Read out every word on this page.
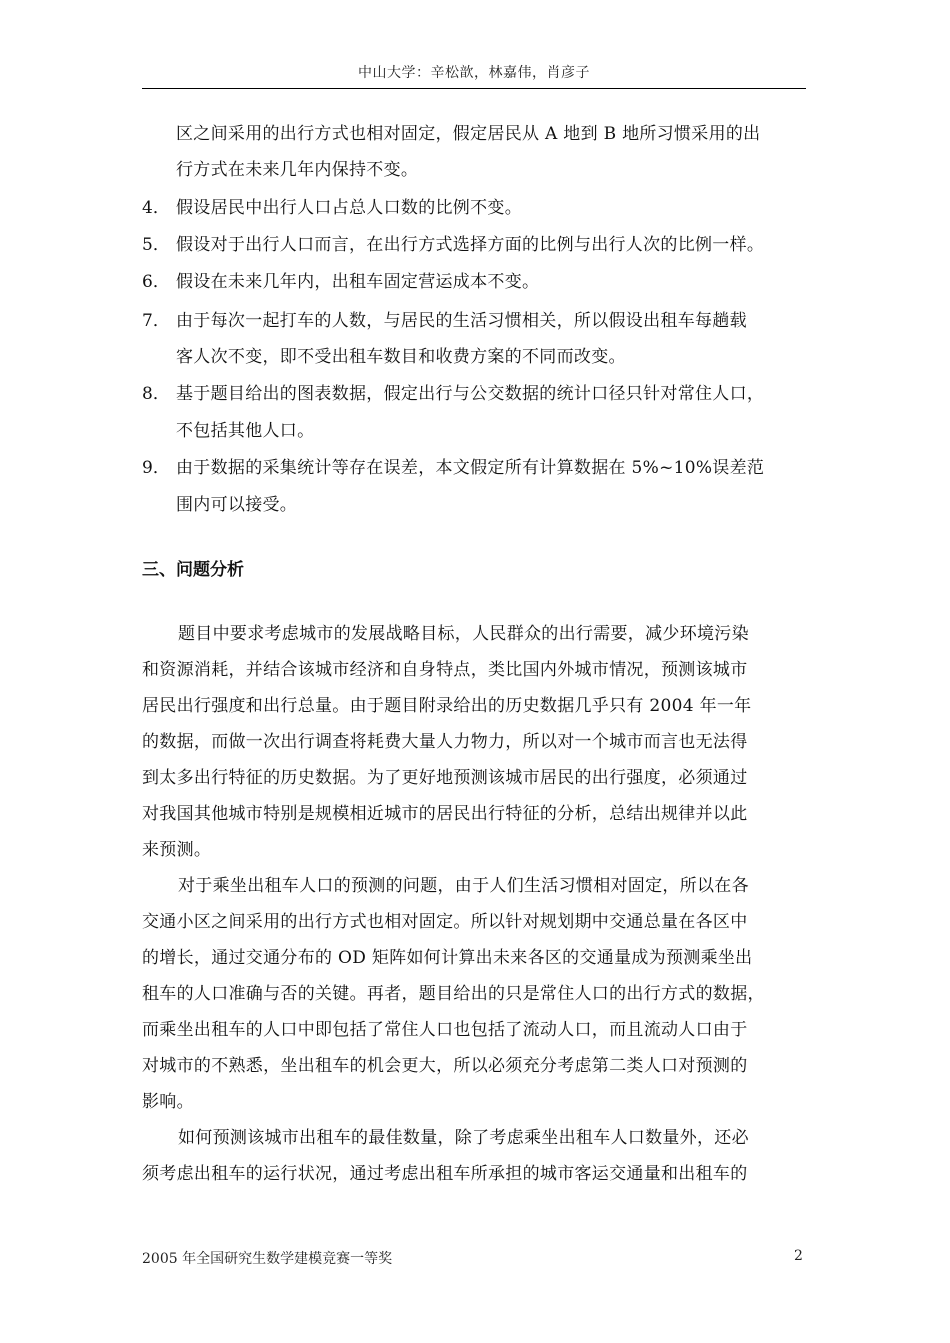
中山大学：辛松歆，林嘉伟，肖彦子
区之间采用的出行方式也相对固定，假定居民从 A 地到 B 地所习惯采用的出
行方式在未来几年内保持不变。
4． 假设居民中出行人口占总人口数的比例不变。
5． 假设对于出行人口而言，在出行方式选择方面的比例与出行人次的比例一样。
6． 假设在未来几年内，出租车固定营运成本不变。
7． 由于每次一起打车的人数，与居民的生活习惯相关，所以假设出租车每趟载
客人次不变，即不受出租车数目和收费方案的不同而改变。
8． 基于题目给出的图表数据，假定出行与公交数据的统计口径只针对常住人口，
不包括其他人口。
9． 由于数据的采集统计等存在误差，本文假定所有计算数据在 5%~10%误差范
围内可以接受。
三、问题分析
题目中要求考虑城市的发展战略目标，人民群众的出行需要，减少环境污染
和资源消耗，并结合该城市经济和自身特点，类比国内外城市情况，预测该城市
居民出行强度和出行总量。由于题目附录给出的历史数据几乎只有 2004 年一年
的数据，而做一次出行调查将耗费大量人力物力，所以对一个城市而言也无法得
到太多出行特征的历史数据。为了更好地预测该城市居民的出行强度，必须通过
对我国其他城市特别是规模相近城市的居民出行特征的分析，总结出规律并以此
来预测。
对于乘坐出租车人口的预测的问题，由于人们生活习惯相对固定，所以在各
交通小区之间采用的出行方式也相对固定。所以针对规划期中交通总量在各区中
的增长，通过交通分布的 OD 矩阵如何计算出未来各区的交通量成为预测乘坐出
租车的人口准确与否的关键。再者，题目给出的只是常住人口的出行方式的数据，
而乘坐出租车的人口中即包括了常住人口也包括了流动人口，而且流动人口由于
对城市的不熟悉，坐出租车的机会更大，所以必须充分考虑第二类人口对预测的
影响。
如何预测该城市出租车的最佳数量，除了考虑乘坐出租车人口数量外，还必
须考虑出租车的运行状况，通过考虑出租车所承担的城市客运交通量和出租车的
2005 年全国研究生数学建模竞赛一等奖	2
